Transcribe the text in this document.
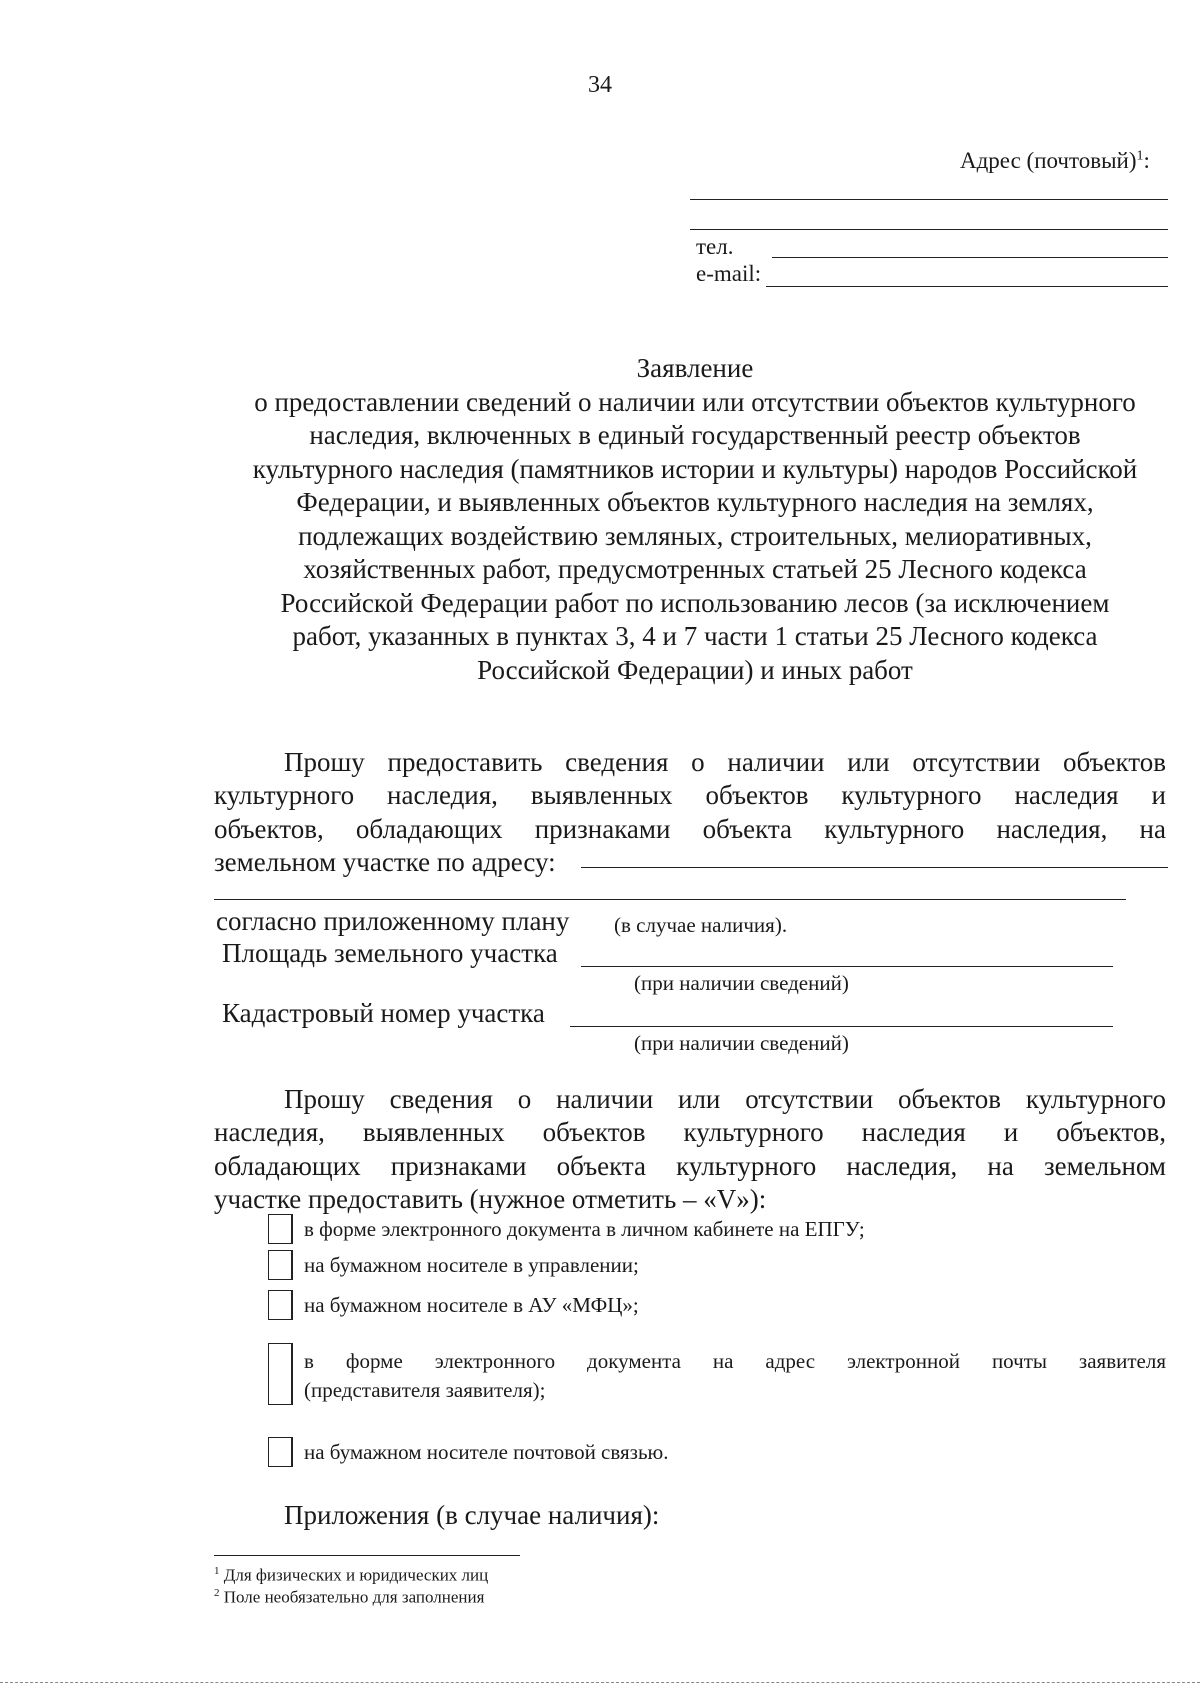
34
Адрес (почтовый)$^1$:
тел.
e-mail:
Заявление
о предоставлении сведений о наличии или отсутствии объектов культурного
наследия, включенных в единый государственный реестр объектов
культурного наследия (памятников истории и культуры) народов Российской
Федерации, и выявленных объектов культурного наследия на землях,
подлежащих воздействию земляных, строительных, мелиоративных,
хозяйственных работ, предусмотренных статьей 25 Лесного кодекса
Российской Федерации работ по использованию лесов (за исключением
работ, указанных в пунктах 3, 4 и 7 части 1 статьи 25 Лесного кодекса
Российской Федерации) и иных работ
Прошу предоставить сведения о наличии или отсутствии объектов
культурного наследия, выявленных объектов культурного наследия и
объектов, обладающих признаками объекта культурного наследия, на
земельном участке по адресу:
согласно приложенному плану (в случае наличия).
Площадь земельного участка
(при наличии сведений)
Кадастровый номер участка
(при наличии сведений)
Прошу сведения о наличии или отсутствии объектов культурного
наследия, выявленных объектов культурного наследия и объектов,
обладающих признаками объекта культурного наследия, на земельном
участке предоставить (нужное отметить – «V»):
в форме электронного документа в личном кабинете на ЕПГУ;
на бумажном носителе в управлении;
на бумажном носителе в АУ «МФЦ»;
в форме электронного документа на адрес электронной почты заявителя
(представителя заявителя);
на бумажном носителе почтовой связью.
Приложения (в случае наличия):
$^1$ Для физических и юридических лиц
$^2$ Поле необязательно для заполнения
